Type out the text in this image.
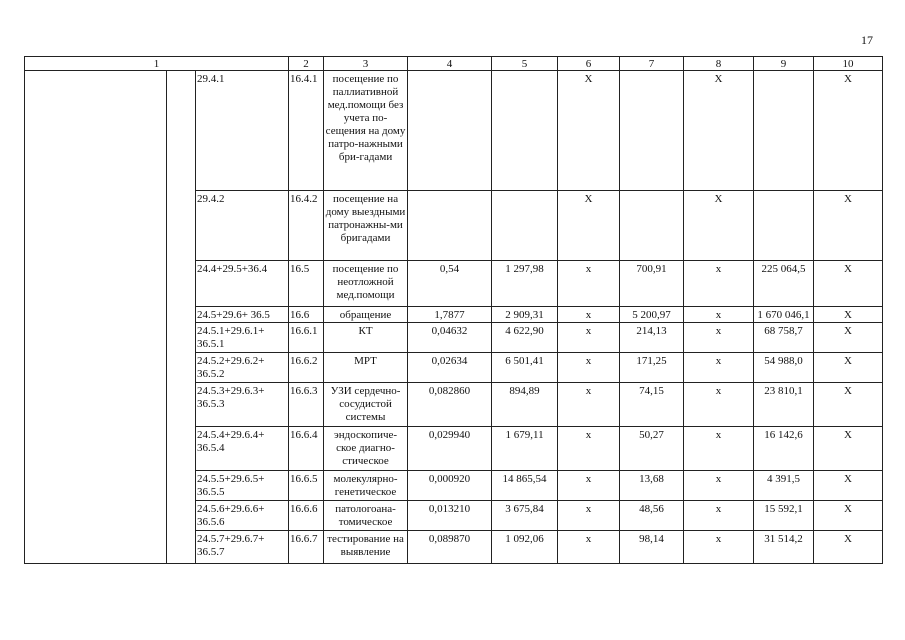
17
1			2	3	4	5	6	7	8	9	10
		29.4.1	16.4.1	посещение по паллиативной мед.помощи без учета по-сещения на дому патро-нажными бри-гадами			X		X		X
		29.4.2	16.4.2	посещение на дому выездными патронажны-ми бригадами			X		X		X
		24.4+29.5+36.4	16.5	посещение по неотложной мед.помощи	0,54	1 297,98	x	700,91	x	225 064,5	X
		24.5+29.6+ 36.5	16.6	обращение	1,7877	2 909,31	x	5 200,97	x	1 670 046,1	X
		24.5.1+29.6.1+ 36.5.1	16.6.1	КТ	0,04632	4 622,90	x	214,13	x	68 758,7	X
		24.5.2+29.6.2+ 36.5.2	16.6.2	МРТ	0,02634	6 501,41	x	171,25	x	54 988,0	X
		24.5.3+29.6.3+ 36.5.3	16.6.3	УЗИ сердечно-сосудистой системы	0,082860	894,89	x	74,15	x	23 810,1	X
		24.5.4+29.6.4+ 36.5.4	16.6.4	эндоскопиче-ское диагно-стическое	0,029940	1 679,11	x	50,27	x	16 142,6	X
		24.5.5+29.6.5+ 36.5.5	16.6.5	молекулярно-генетическое	0,000920	14 865,54	x	13,68	x	4 391,5	X
		24.5.6+29.6.6+ 36.5.6	16.6.6	патологоана-томическое	0,013210	3 675,84	x	48,56	x	15 592,1	X
		24.5.7+29.6.7+ 36.5.7	16.6.7	тестирование на выявление	0,089870	1 092,06	x	98,14	x	31 514,2	X
